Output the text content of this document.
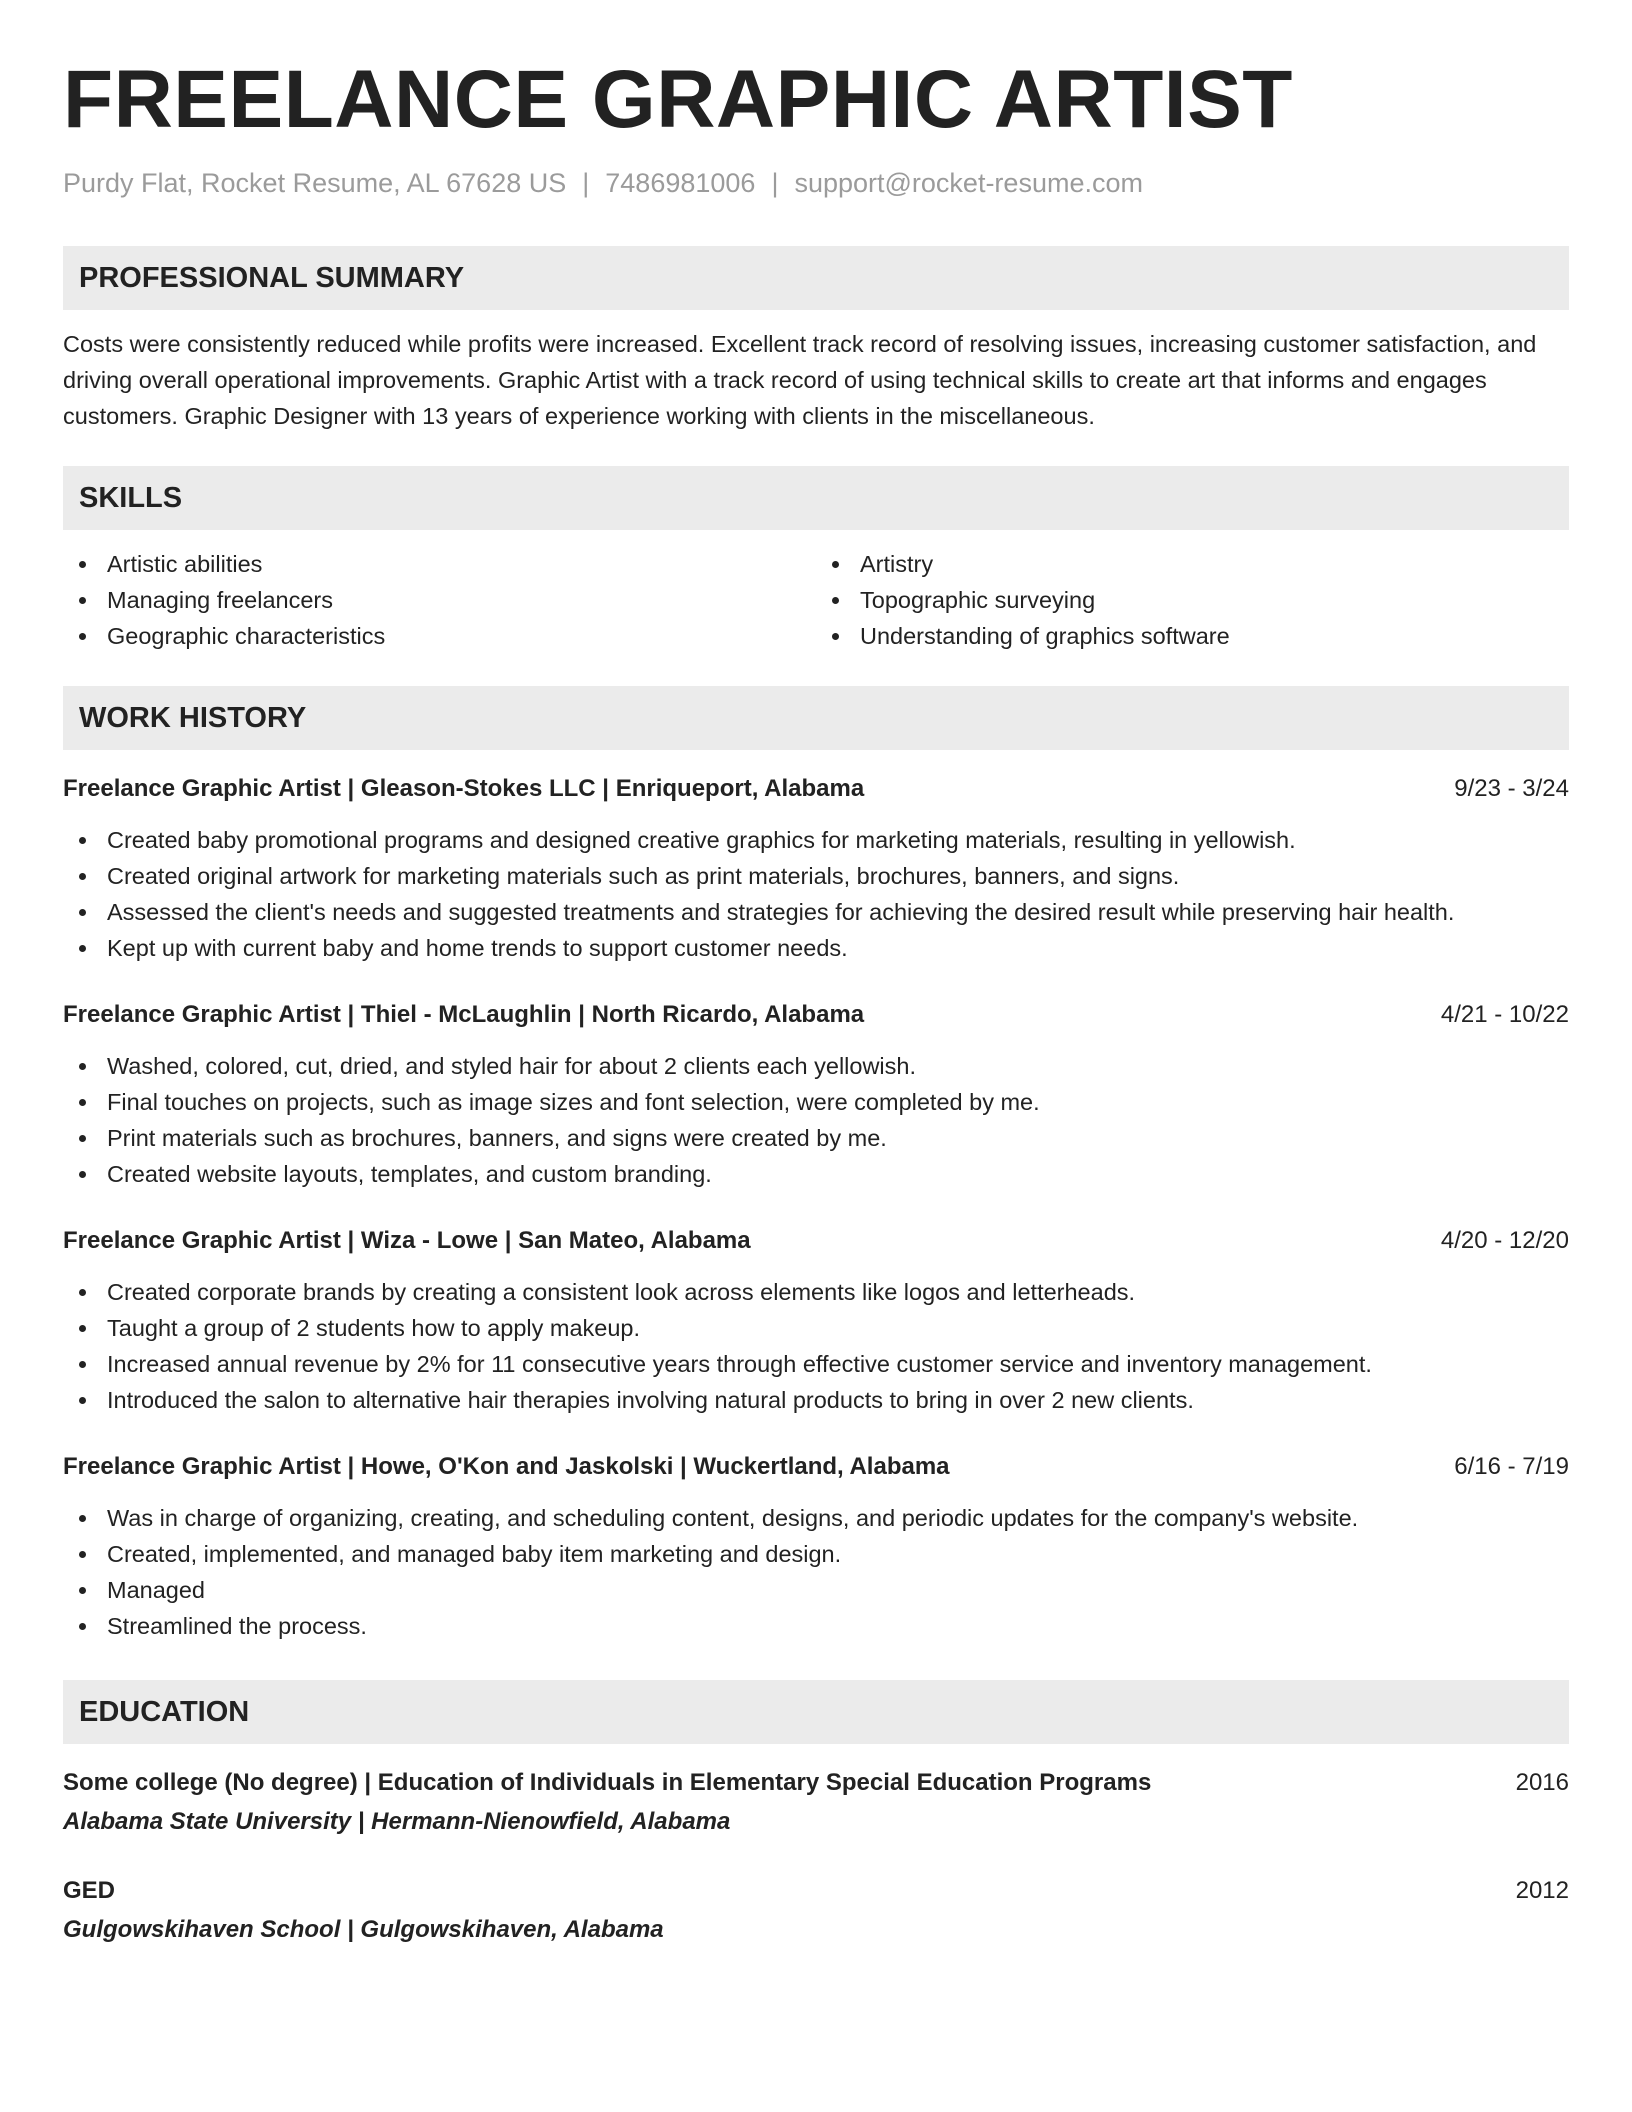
FREELANCE GRAPHIC ARTIST
Purdy Flat, Rocket Resume, AL 67628 US | 7486981006 | support@rocket-resume.com
PROFESSIONAL SUMMARY
Costs were consistently reduced while profits were increased. Excellent track record of resolving issues, increasing customer satisfaction, and driving overall operational improvements. Graphic Artist with a track record of using technical skills to create art that informs and engages customers. Graphic Designer with 13 years of experience working with clients in the miscellaneous.
SKILLS
Artistic abilities
Managing freelancers
Geographic characteristics
Artistry
Topographic surveying
Understanding of graphics software
WORK HISTORY
Freelance Graphic Artist | Gleason-Stokes LLC | Enriqueport, Alabama	9/23 - 3/24
Created baby promotional programs and designed creative graphics for marketing materials, resulting in yellowish.
Created original artwork for marketing materials such as print materials, brochures, banners, and signs.
Assessed the client's needs and suggested treatments and strategies for achieving the desired result while preserving hair health.
Kept up with current baby and home trends to support customer needs.
Freelance Graphic Artist | Thiel - McLaughlin | North Ricardo, Alabama	4/21 - 10/22
Washed, colored, cut, dried, and styled hair for about 2 clients each yellowish.
Final touches on projects, such as image sizes and font selection, were completed by me.
Print materials such as brochures, banners, and signs were created by me.
Created website layouts, templates, and custom branding.
Freelance Graphic Artist | Wiza - Lowe | San Mateo, Alabama	4/20 - 12/20
Created corporate brands by creating a consistent look across elements like logos and letterheads.
Taught a group of 2 students how to apply makeup.
Increased annual revenue by 2% for 11 consecutive years through effective customer service and inventory management.
Introduced the salon to alternative hair therapies involving natural products to bring in over 2 new clients.
Freelance Graphic Artist | Howe, O'Kon and Jaskolski | Wuckertland, Alabama	6/16 - 7/19
Was in charge of organizing, creating, and scheduling content, designs, and periodic updates for the company's website.
Created, implemented, and managed baby item marketing and design.
Managed
Streamlined the process.
EDUCATION
Some college (No degree) | Education of Individuals in Elementary Special Education Programs	2016
Alabama State University | Hermann-Nienowfield, Alabama
GED	2012
Gulgowskihaven School | Gulgowskihaven, Alabama
